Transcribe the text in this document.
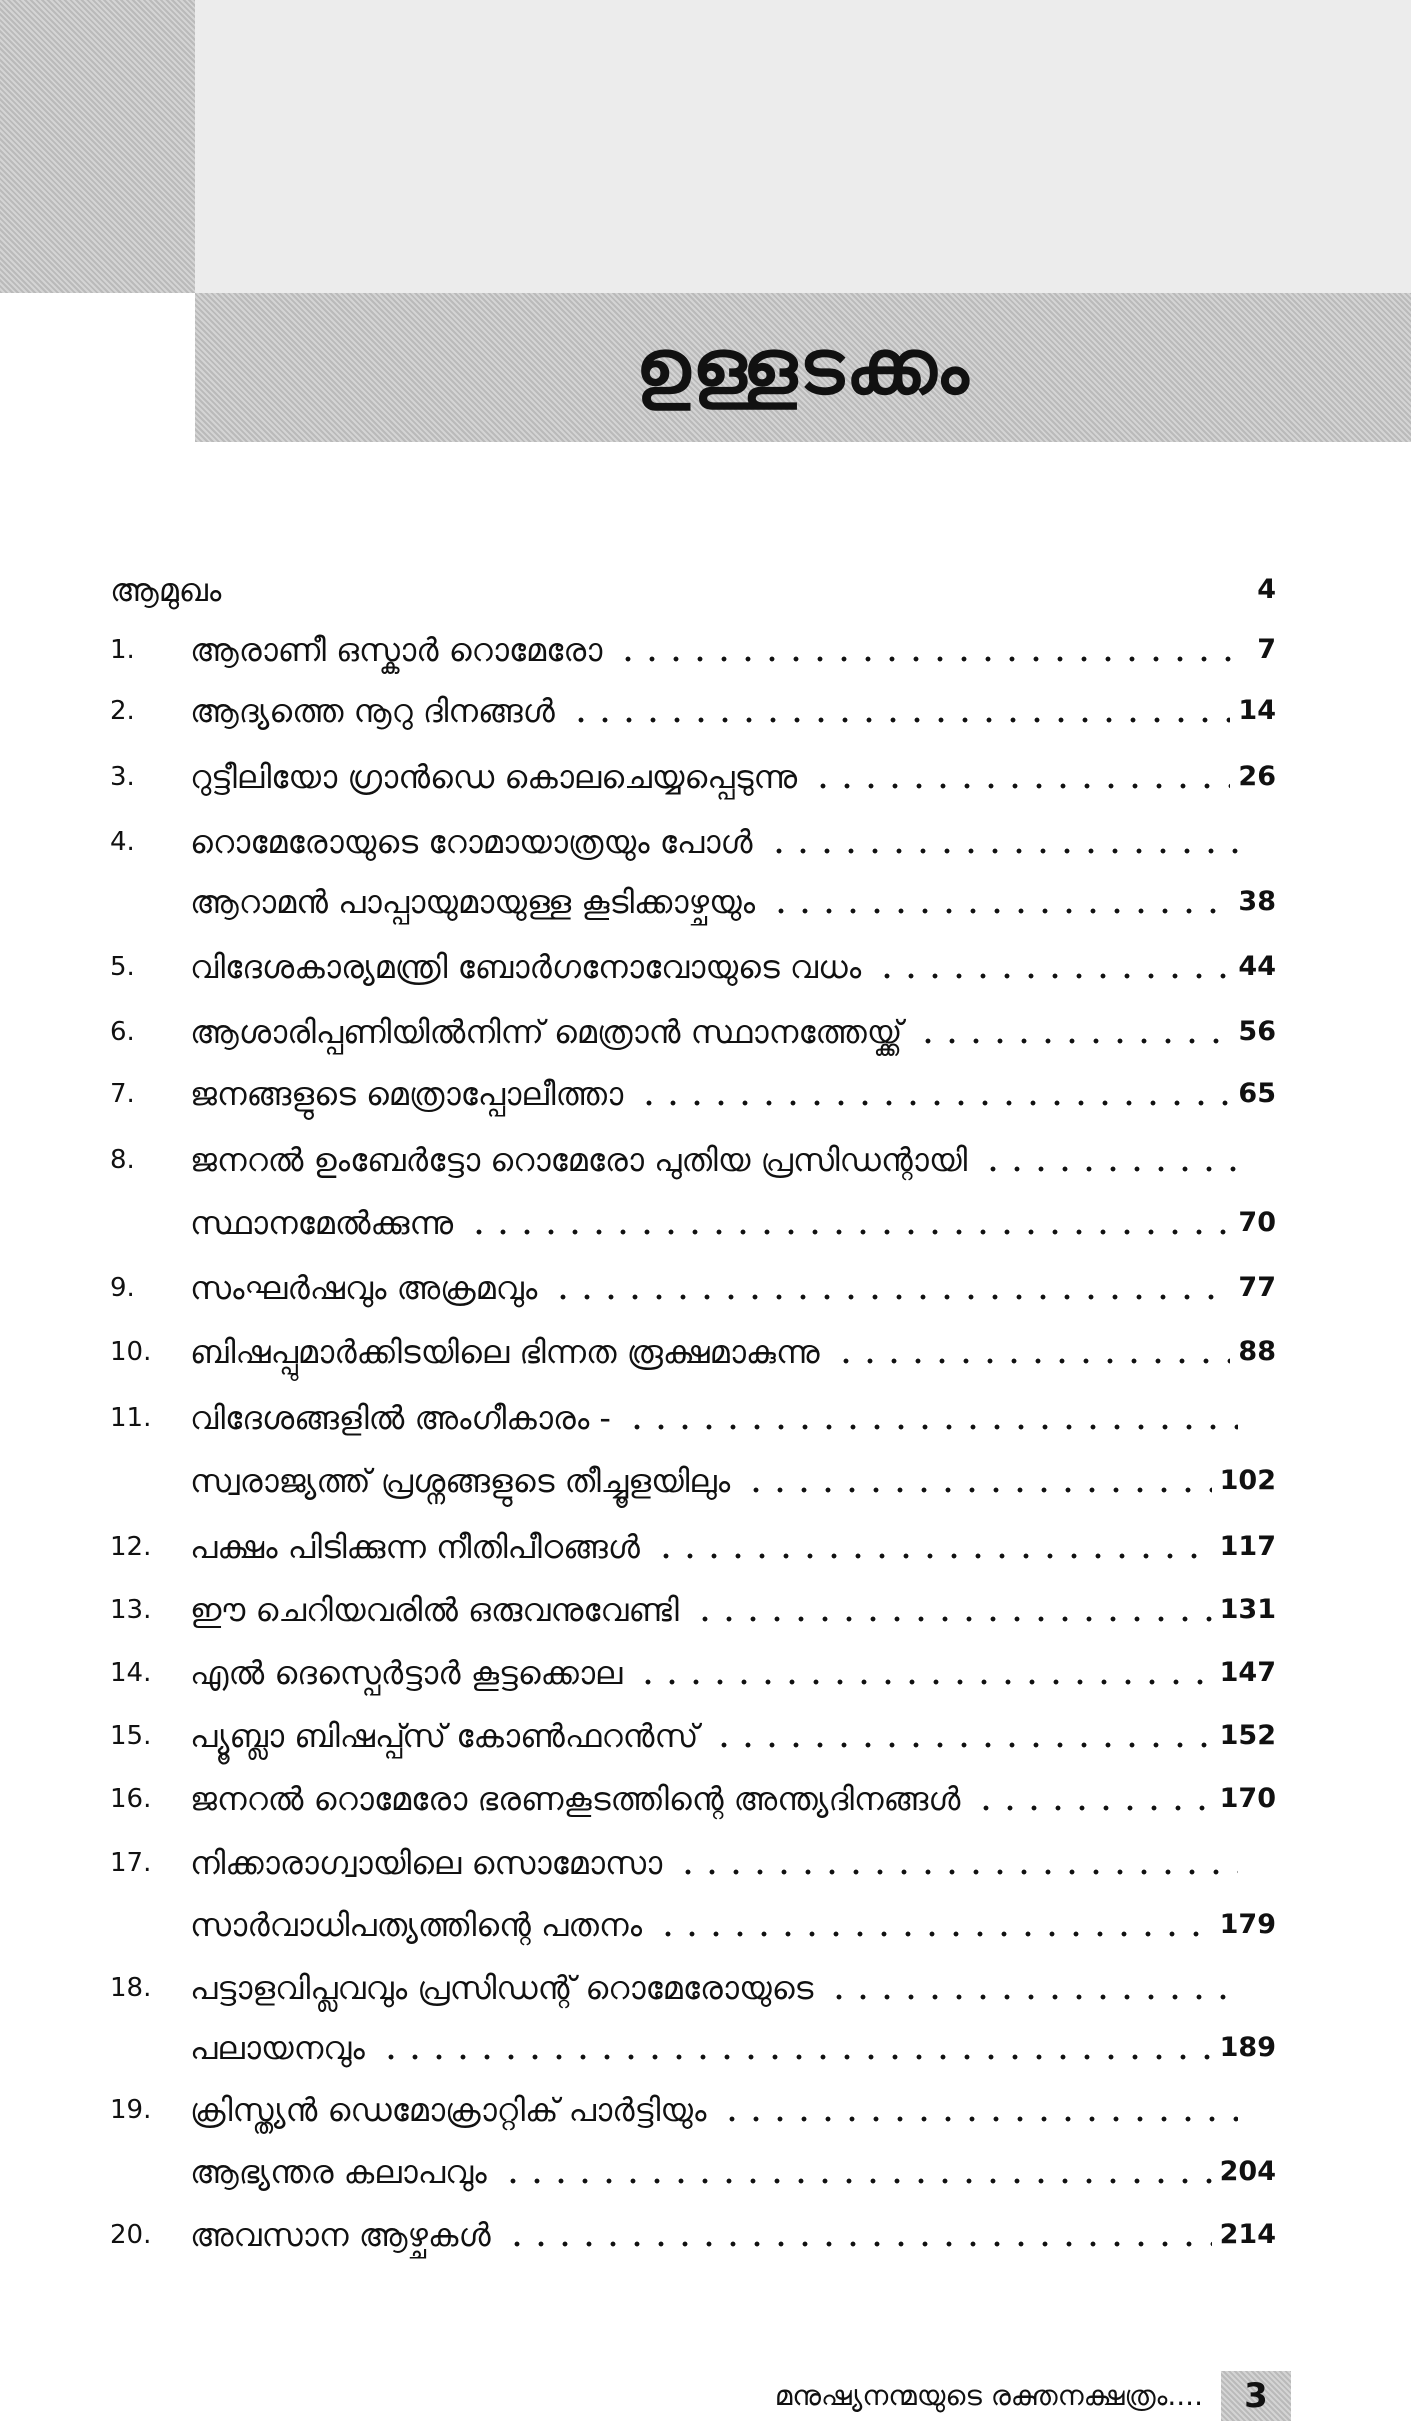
ഉള്ളടക്കം
ആമുഖം	4
1.	ആരാണീ ഒസ്കാർ റൊമേരോ	7
2.	ആദ്യത്തെ നൂറു ദിനങ്ങൾ	14
3.	റുട്ടീലിയോ ഗ്രാൻഡെ കൊലചെയ്യപ്പെടുന്നു	26
4.	റൊമേരോയുടെ റോമായാത്രയും പോൾ
ആറാമൻ പാപ്പായുമായുള്ള കൂടിക്കാഴ്ചയും	38
5.	വിദേശകാര്യമന്ത്രി ബോർഗനോവോയുടെ വധം	44
6.	ആശാരിപ്പണിയിൽനിന്ന് മെത്രാൻ സ്ഥാനത്തേയ്ക്ക്	56
7.	ജനങ്ങളുടെ മെത്രാപ്പോലീത്താ	65
8.	ജനറൽ ഉംബേർട്ടോ റൊമേരോ പുതിയ പ്രസിഡന്റായി
സ്ഥാനമേൽക്കുന്നു	70
9.	സംഘർഷവും അക്രമവും	77
10.	ബിഷപ്പുമാർക്കിടയിലെ ഭിന്നത രൂക്ഷമാകുന്നു	88
11.	വിദേശങ്ങളിൽ അംഗീകാരം -
സ്വരാജ്യത്ത് പ്രശ്നങ്ങളുടെ തീച്ചൂളയിലും	102
12.	പക്ഷം പിടിക്കുന്ന നീതിപീഠങ്ങൾ	117
13.	ഈ ചെറിയവരിൽ ഒരുവനുവേണ്ടി	131
14.	എൽ ദെസ്പെർട്ടാർ കൂട്ടക്കൊല	147
15.	പ്യൂബ്ലാ ബിഷപ്പ്സ് കോൺഫറൻസ്	152
16.	ജനറൽ റൊമേരോ ഭരണകൂടത്തിന്റെ അന്ത്യദിനങ്ങൾ	170
17.	നിക്കാരാഗ്വായിലെ സൊമോസാ
സാർവാധിപത്യത്തിന്റെ പതനം	179
18.	പട്ടാളവിപ്ലവവും പ്രസിഡന്റ് റൊമേരോയുടെ
പലായനവും	189
19.	ക്രിസ്ത്യൻ ഡെമോക്രാറ്റിക് പാർട്ടിയും
ആഭ്യന്തര കലാപവും	204
20.	അവസാന ആഴ്ചകൾ	214
മനുഷ്യനന്മയുടെ രക്തനക്ഷത്രം....	3
